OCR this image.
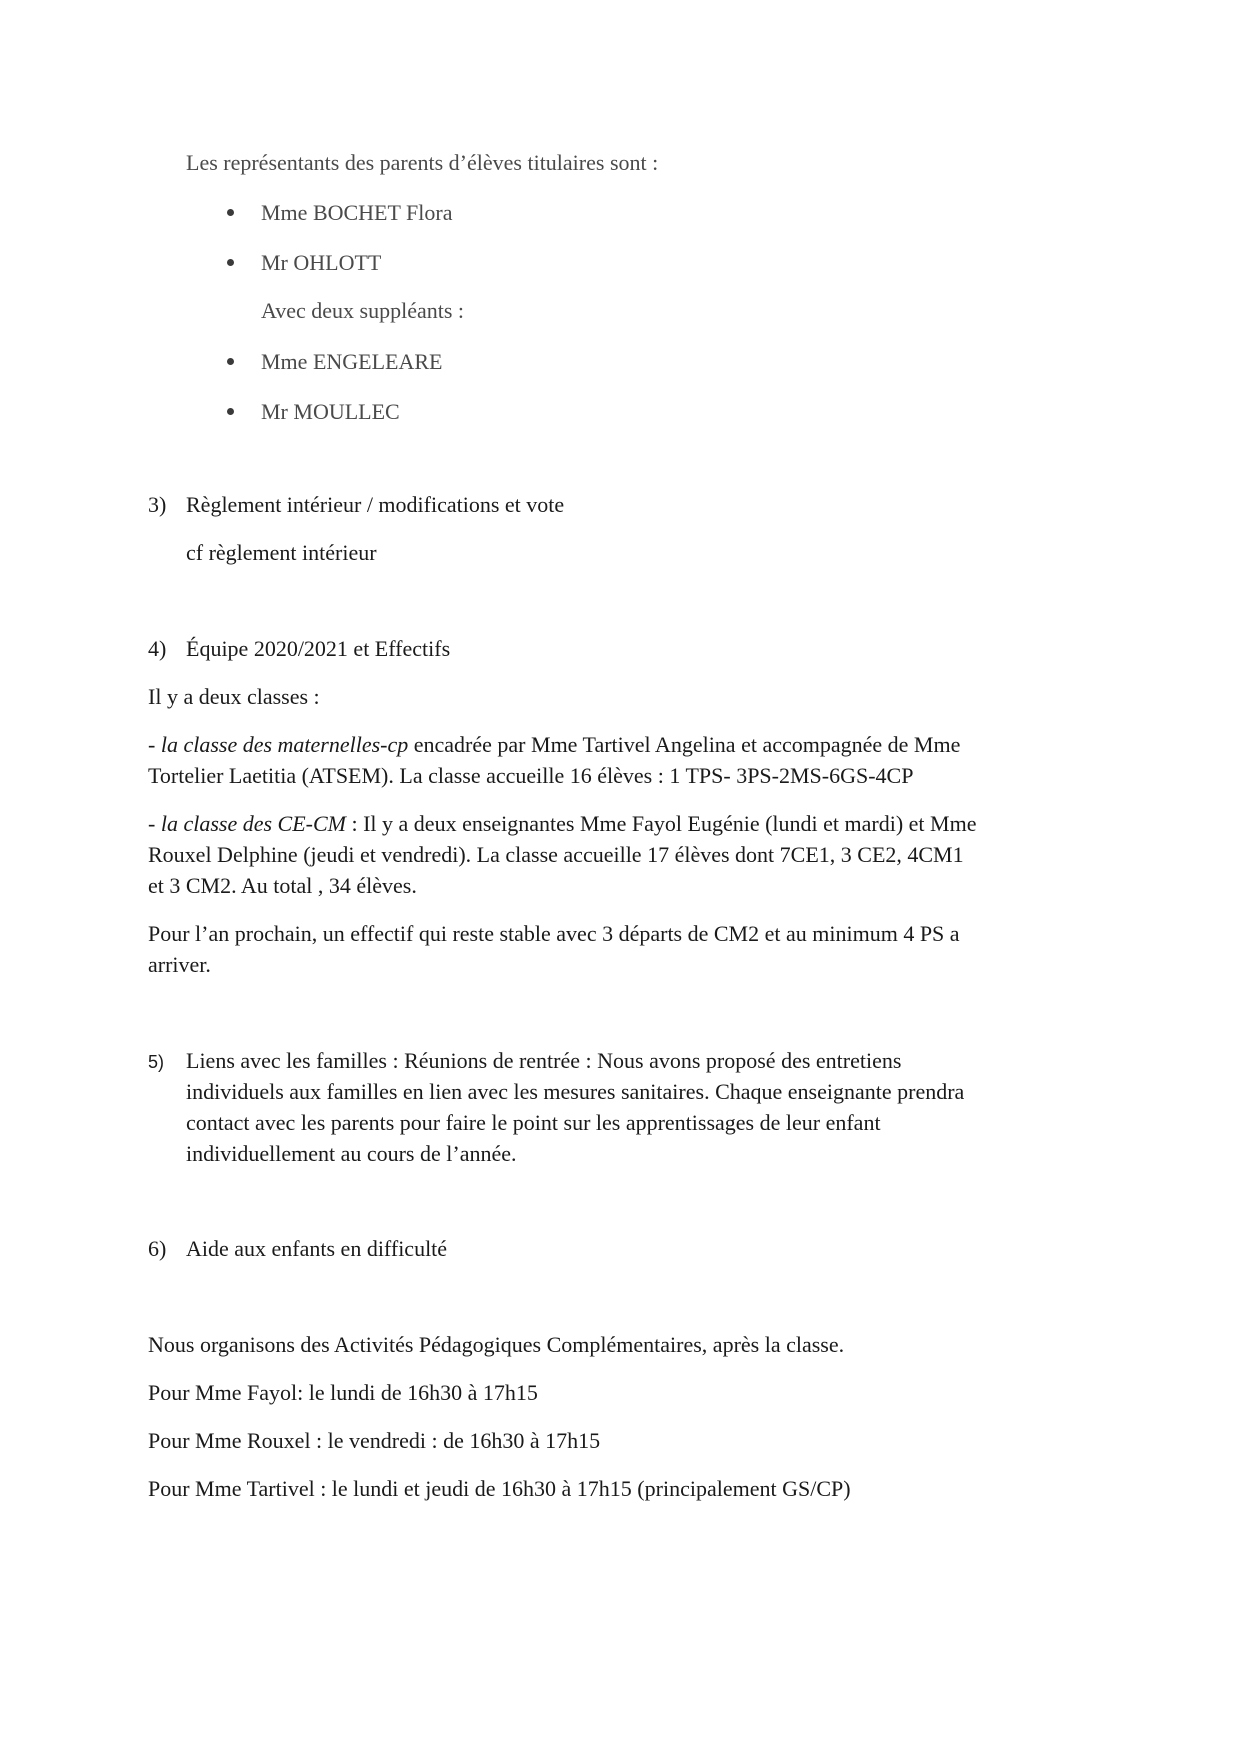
Les représentants des parents d’élèves titulaires sont :
Mme BOCHET Flora
Mr OHLOTT
Avec deux suppléants :
Mme ENGELEARE
Mr MOULLEC
3) Règlement intérieur / modifications et vote
cf règlement intérieur
4) Équipe 2020/2021 et Effectifs
Il y a deux classes :
- la classe des maternelles-cp encadrée par Mme Tartivel Angelina et accompagnée de Mme
Tortelier Laetitia (ATSEM). La classe accueille 16 élèves : 1 TPS- 3PS-2MS-6GS-4CP
- la classe des CE-CM : Il y a deux enseignantes Mme Fayol Eugénie (lundi et mardi) et Mme
Rouxel Delphine (jeudi et vendredi). La classe accueille 17 élèves dont 7CE1, 3 CE2, 4CM1
et 3 CM2. Au total , 34 élèves.
Pour l’an prochain, un effectif qui reste stable avec 3 départs de CM2 et au minimum 4 PS a
arriver.
5) Liens avec les familles : Réunions de rentrée : Nous avons proposé des entretiens
individuels aux familles en lien avec les mesures sanitaires. Chaque enseignante prendra
contact avec les parents pour faire le point sur les apprentissages de leur enfant
individuellement au cours de l’année.
6) Aide aux enfants en difficulté
Nous organisons des Activités Pédagogiques Complémentaires, après la classe.
Pour Mme Fayol: le lundi de 16h30 à 17h15
Pour Mme Rouxel : le vendredi : de 16h30 à 17h15
Pour Mme Tartivel : le lundi et jeudi de 16h30 à 17h15 (principalement GS/CP)
